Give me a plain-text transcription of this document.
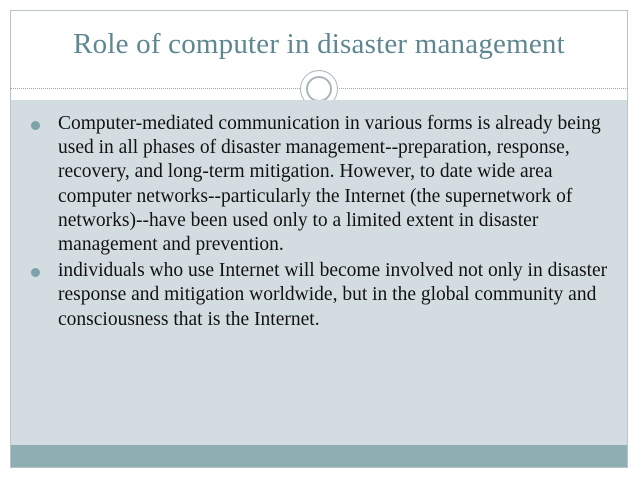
Role of computer in disaster management
Computer-mediated communication in various forms is already being used in all phases of disaster management--preparation, response, recovery, and long-term mitigation. However, to date wide area computer networks--particularly the Internet (the supernetwork of networks)--have been used only to a limited extent in disaster management and prevention.
individuals who use Internet will become involved not only in disaster response and mitigation worldwide, but in the global community and consciousness that is the Internet.
